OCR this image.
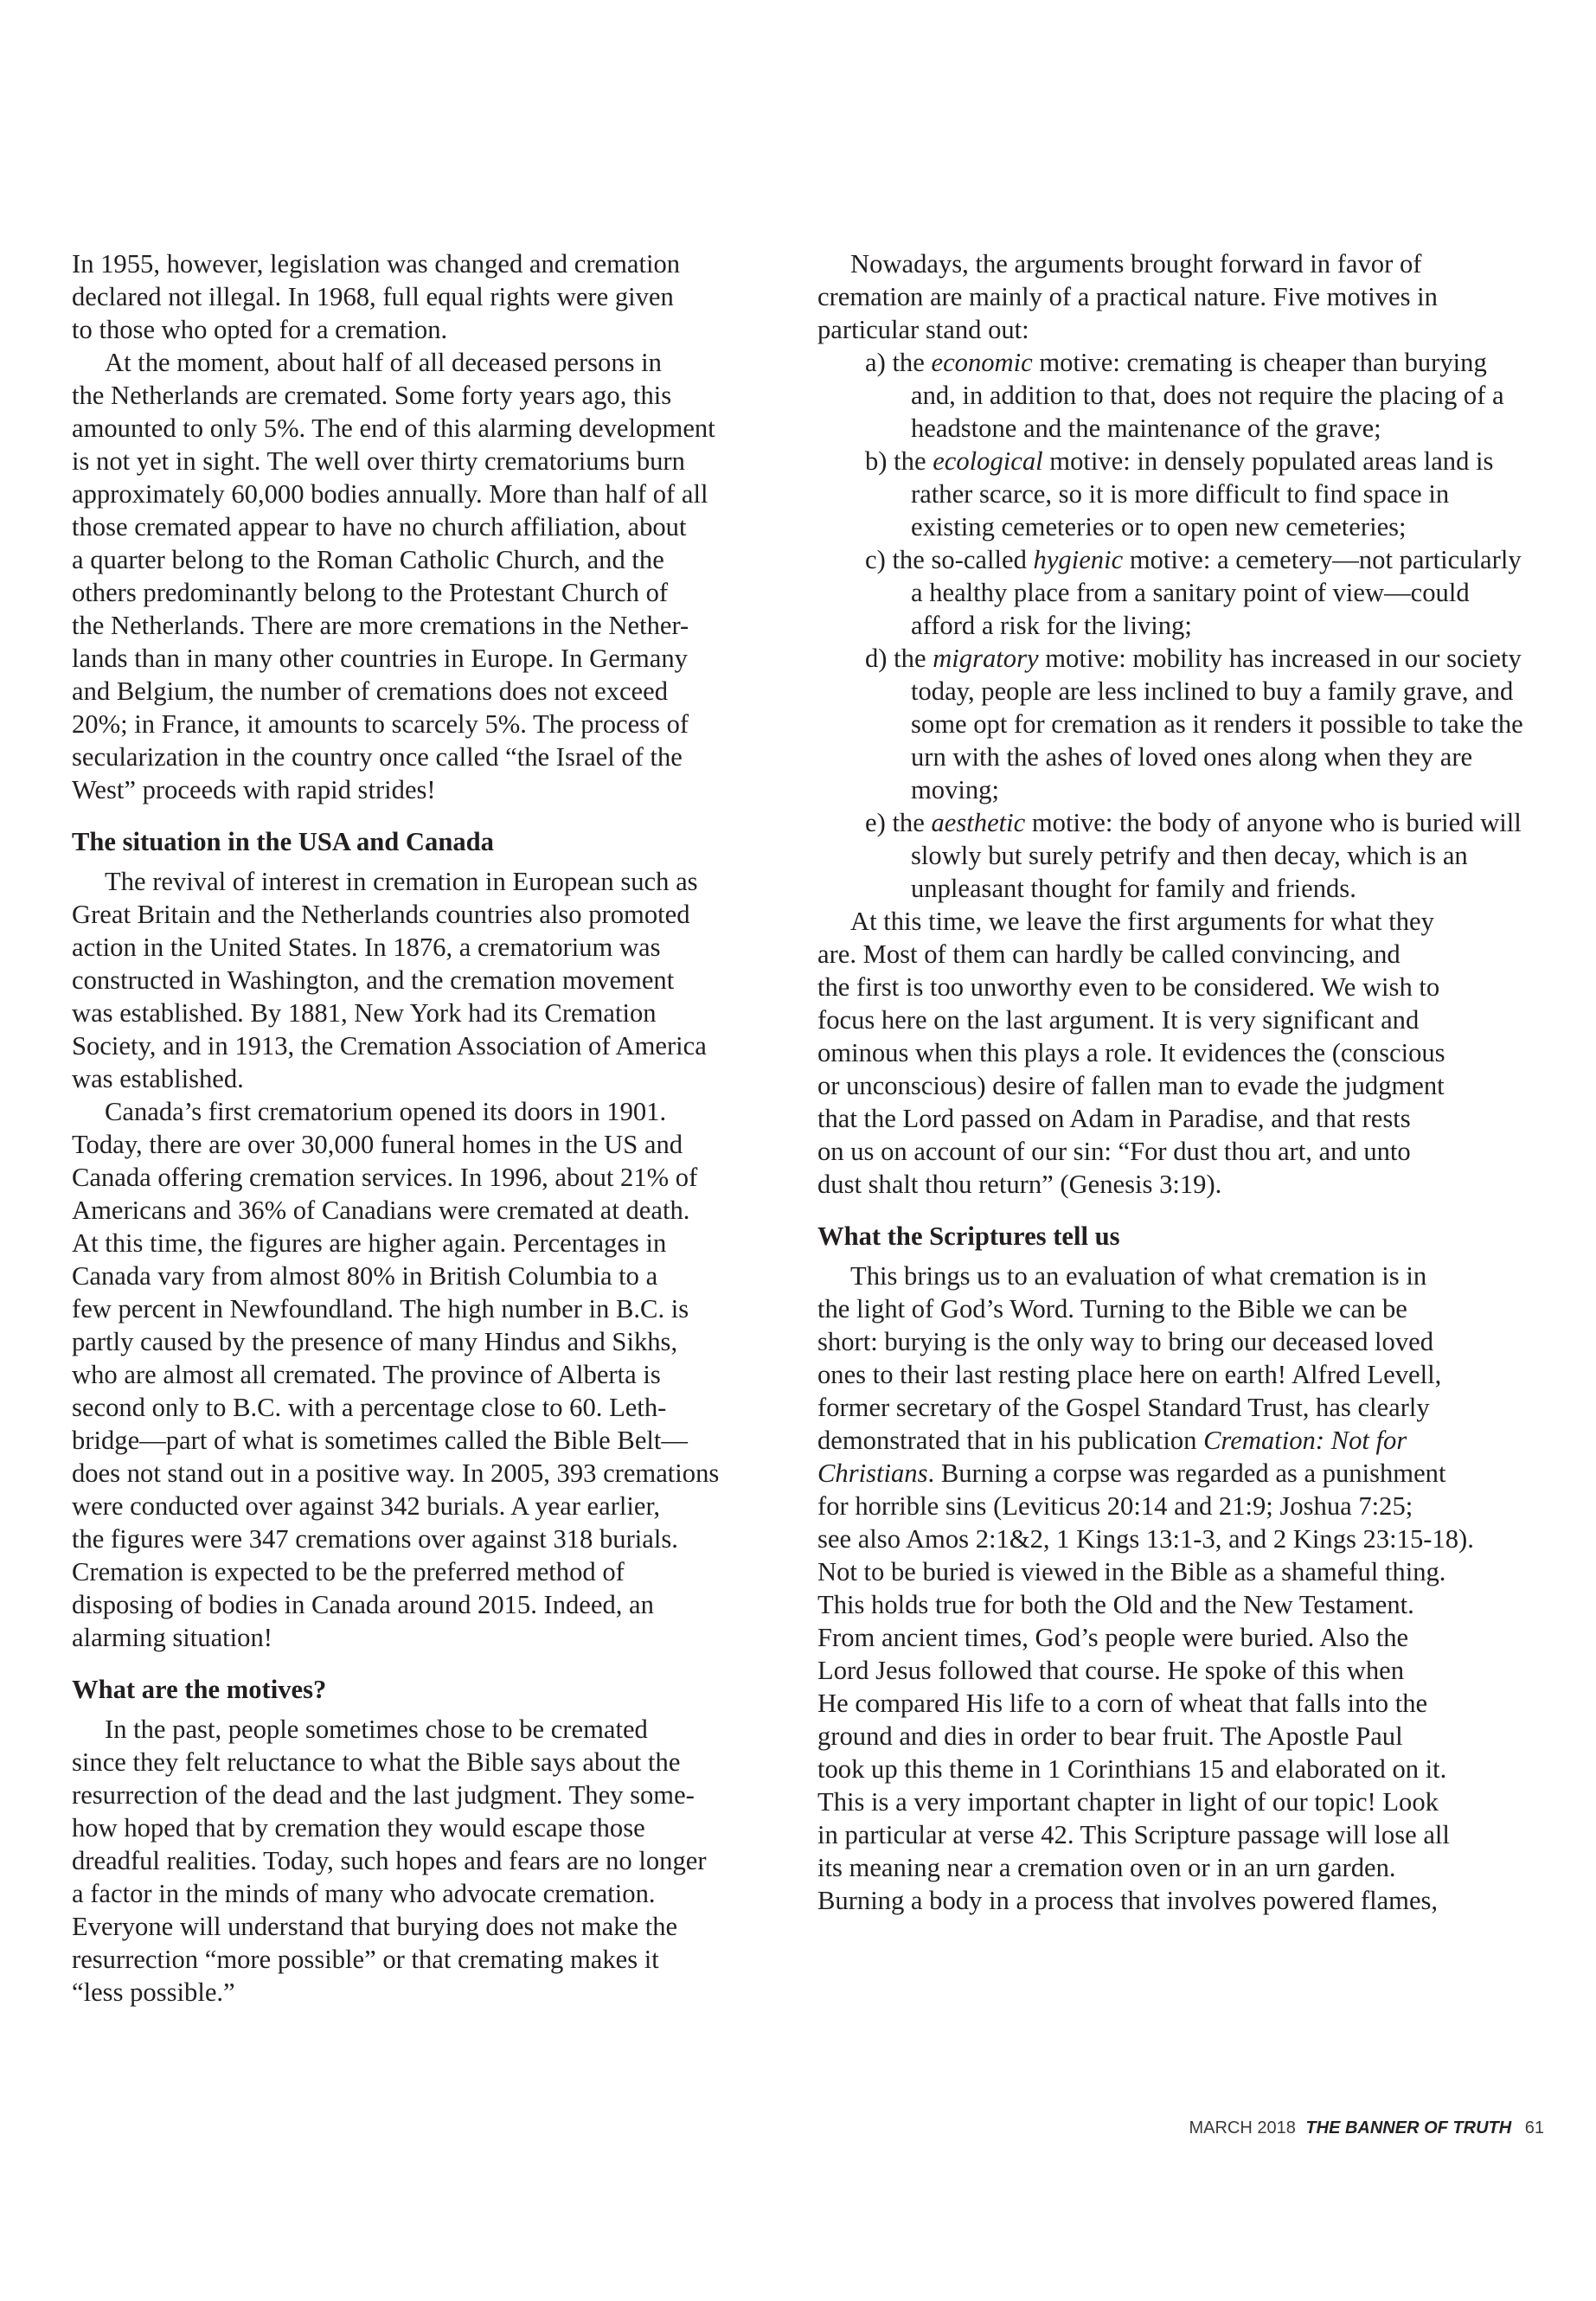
In 1955, however, legislation was changed and cremation
declared not illegal. In 1968, full equal rights were given
to those who opted for a cremation.

At the moment, about half of all deceased persons in
the Netherlands are cremated. Some forty years ago, this
amounted to only 5%. The end of this alarming development
is not yet in sight. The well over thirty crematoriums burn
approximately 60,000 bodies annually. More than half of all
those cremated appear to have no church affiliation, about
a quarter belong to the Roman Catholic Church, and the
others predominantly belong to the Protestant Church of
the Netherlands. There are more cremations in the Nether-
lands than in many other countries in Europe. In Germany
and Belgium, the number of cremations does not exceed
20%; in France, it amounts to scarcely 5%. The process of
secularization in the country once called “the Israel of the
West” proceeds with rapid strides!

The situation in the USA and Canada

The revival of interest in cremation in European such as
Great Britain and the Netherlands countries also promoted
action in the United States. In 1876, a crematorium was
constructed in Washington, and the cremation movement
was established. By 1881, New York had its Cremation
Society, and in 1913, the Cremation Association of America
was established.

Canada’s first crematorium opened its doors in 1901.
Today, there are over 30,000 funeral homes in the US and
Canada offering cremation services. In 1996, about 21% of
Americans and 36% of Canadians were cremated at death.
At this time, the figures are higher again. Percentages in
Canada vary from almost 80% in British Columbia to a
few percent in Newfoundland. The high number in B.C. is
partly caused by the presence of many Hindus and Sikhs,
who are almost all cremated. The province of Alberta is
second only to B.C. with a percentage close to 60. Leth-
bridge—part of what is sometimes called the Bible Belt—
does not stand out in a positive way. In 2005, 393 cremations
were conducted over against 342 burials. A year earlier,
the figures were 347 cremations over against 318 burials.
Cremation is expected to be the preferred method of
disposing of bodies in Canada around 2015. Indeed, an
alarming situation!

What are the motives?

In the past, people sometimes chose to be cremated
since they felt reluctance to what the Bible says about the
resurrection of the dead and the last judgment. They some-
how hoped that by cremation they would escape those
dreadful realities. Today, such hopes and fears are no longer
a factor in the minds of many who advocate cremation.
Everyone will understand that burying does not make the
resurrection “more possible” or that cremating makes it
“less possible.”

Nowadays, the arguments brought forward in favor of
cremation are mainly of a practical nature. Five motives in
particular stand out:

a) the economic motive: cremating is cheaper than burying and, in addition to that, does not require the placing of a headstone and the maintenance of the grave;
b) the ecological motive: in densely populated areas land is rather scarce, so it is more difficult to find space in existing cemeteries or to open new cemeteries;
c) the so-called hygienic motive: a cemetery—not particularly a healthy place from a sanitary point of view—could afford a risk for the living;
d) the migratory motive: mobility has increased in our society today, people are less inclined to buy a family grave, and some opt for cremation as it renders it possible to take the urn with the ashes of loved ones along when they are moving;
e) the aesthetic motive: the body of anyone who is buried will slowly but surely petrify and then decay, which is an unpleasant thought for family and friends.

At this time, we leave the first arguments for what they
are. Most of them can hardly be called convincing, and
the first is too unworthy even to be considered. We wish to
focus here on the last argument. It is very significant and
ominous when this plays a role. It evidences the (conscious
or unconscious) desire of fallen man to evade the judgment
that the Lord passed on Adam in Paradise, and that rests
on us on account of our sin: “For dust thou art, and unto
dust shalt thou return” (Genesis 3:19).

What the Scriptures tell us

This brings us to an evaluation of what cremation is in
the light of God’s Word. Turning to the Bible we can be
short: burying is the only way to bring our deceased loved
ones to their last resting place here on earth! Alfred Levell,
former secretary of the Gospel Standard Trust, has clearly
demonstrated that in his publication Cremation: Not for
Christians. Burning a corpse was regarded as a punishment
for horrible sins (Leviticus 20:14 and 21:9; Joshua 7:25;
see also Amos 2:1&2, 1 Kings 13:1-3, and 2 Kings 23:15-18).
Not to be buried is viewed in the Bible as a shameful thing.
This holds true for both the Old and the New Testament.
From ancient times, God’s people were buried. Also the
Lord Jesus followed that course. He spoke of this when
He compared His life to a corn of wheat that falls into the
ground and dies in order to bear fruit. The Apostle Paul
took up this theme in 1 Corinthians 15 and elaborated on it.
This is a very important chapter in light of our topic! Look
in particular at verse 42. This Scripture passage will lose all
its meaning near a cremation oven or in an urn garden.
Burning a body in a process that involves powered flames,

MARCH 2018 THE BANNER OF TRUTH 61
